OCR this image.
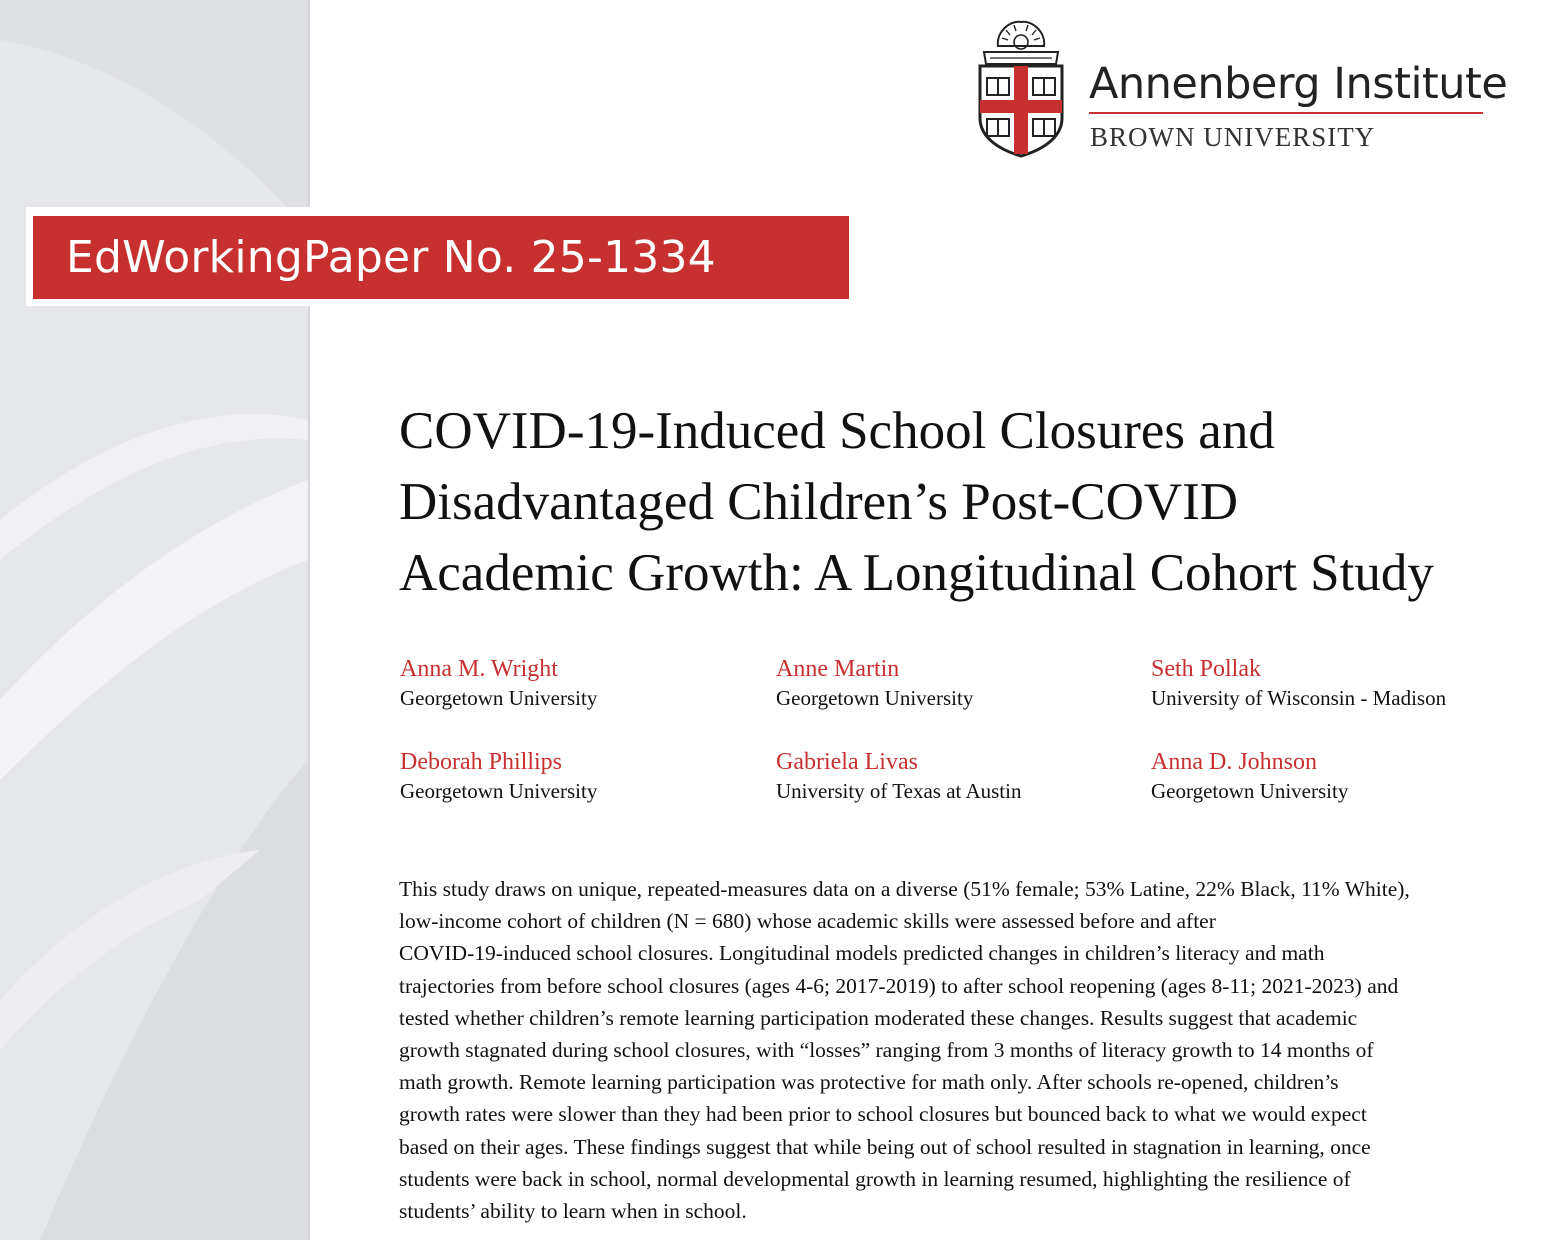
Annenberg Institute
BROWN UNIVERSITY
EdWorkingPaper No. 25-1334
COVID-19-Induced School Closures and
Disadvantaged Children’s Post-COVID
Academic Growth: A Longitudinal Cohort Study
Anna M. Wright
Georgetown University
Anne Martin
Georgetown University
Seth Pollak
University of Wisconsin - Madison
Deborah Phillips
Georgetown University
Gabriela Livas
University of Texas at Austin
Anna D. Johnson
Georgetown University

This study draws on unique, repeated-measures data on a diverse (51% female; 53% Latine, 22% Black, 11% White),
low-income cohort of children (N = 680) whose academic skills were assessed before and after
COVID-19-induced school closures. Longitudinal models predicted changes in children’s literacy and math
trajectories from before school closures (ages 4-6; 2017-2019) to after school reopening (ages 8-11; 2021-2023) and
tested whether children’s remote learning participation moderated these changes. Results suggest that academic
growth stagnated during school closures, with “losses” ranging from 3 months of literacy growth to 14 months of
math growth. Remote learning participation was protective for math only. After schools re-opened, children’s
growth rates were slower than they had been prior to school closures but bounced back to what we would expect
based on their ages. These findings suggest that while being out of school resulted in stagnation in learning, once
students were back in school, normal developmental growth in learning resumed, highlighting the resilience of
students’ ability to learn when in school.
